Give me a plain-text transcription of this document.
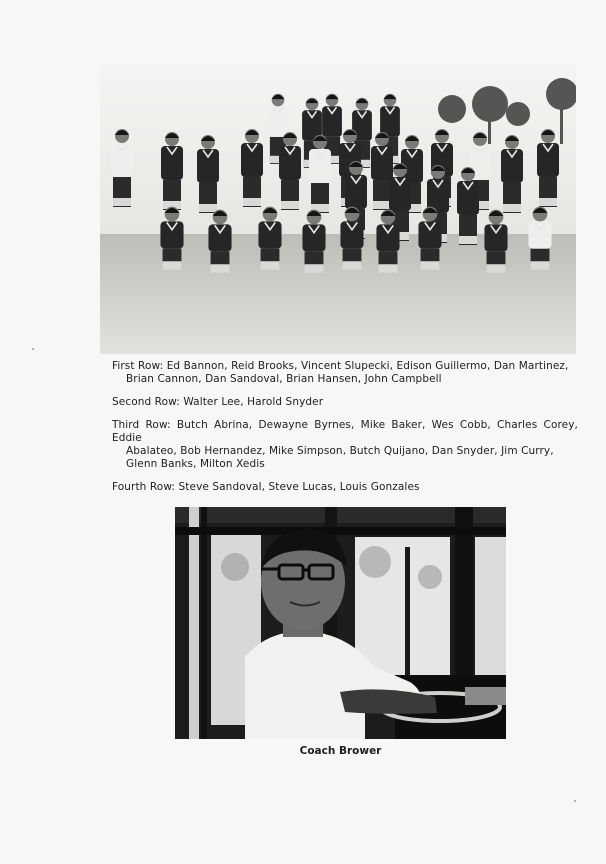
First Row: Ed Bannon, Reid Brooks, Vincent Slupecki, Edison Guillermo, Dan Martinez,
Brian Cannon, Dan Sandoval, Brian Hansen, John Campbell

Second Row: Walter Lee, Harold Snyder

Third Row: Butch Abrina, Dewayne Byrnes, Mike Baker, Wes Cobb, Charles Corey, Eddie
Abalateo, Bob Hernandez, Mike Simpson, Butch Quijano, Dan Snyder, Jim Curry,
Glenn Banks, Milton Xedis

Fourth Row: Steve Sandoval, Steve Lucas, Louis Gonzales

Coach Brower
